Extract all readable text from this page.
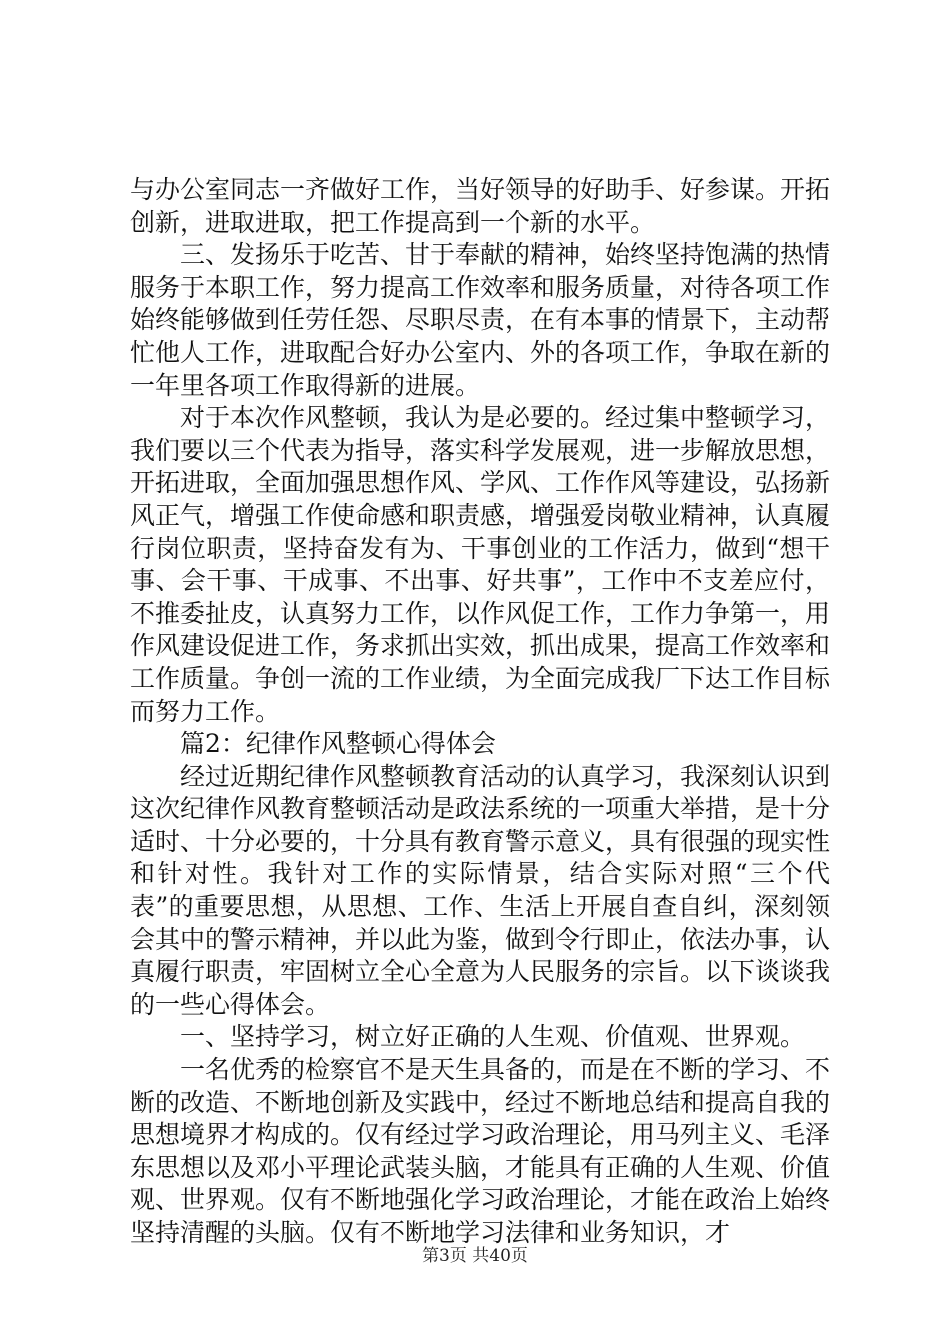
与办公室同志一齐做好工作，当好领导的好助手、好参谋。开拓创新，进取进取，把工作提高到一个新的水平。

三、发扬乐于吃苦、甘于奉献的精神，始终坚持饱满的热情服务于本职工作，努力提高工作效率和服务质量，对待各项工作始终能够做到任劳任怨、尽职尽责，在有本事的情景下，主动帮忙他人工作，进取配合好办公室内、外的各项工作，争取在新的一年里各项工作取得新的进展。

对于本次作风整顿，我认为是必要的。经过集中整顿学习，我们要以三个代表为指导，落实科学发展观，进一步解放思想，开拓进取，全面加强思想作风、学风、工作作风等建设，弘扬新风正气，增强工作使命感和职责感，增强爱岗敬业精神，认真履行岗位职责，坚持奋发有为、干事创业的工作活力，做到“想干事、会干事、干成事、不出事、好共事”，工作中不支差应付，不推委扯皮，认真努力工作，以作风促工作，工作力争第一，用作风建设促进工作，务求抓出实效，抓出成果，提高工作效率和工作质量。争创一流的工作业绩，为全面完成我厂下达工作目标而努力工作。

篇2：纪律作风整顿心得体会

经过近期纪律作风整顿教育活动的认真学习，我深刻认识到这次纪律作风教育整顿活动是政法系统的一项重大举措，是十分适时、十分必要的，十分具有教育警示意义，具有很强的现实性和针对性。我针对工作的实际情景，结合实际对照“三个代表”的重要思想，从思想、工作、生活上开展自查自纠，深刻领会其中的警示精神，并以此为鉴，做到令行即止，依法办事，认真履行职责，牢固树立全心全意为人民服务的宗旨。以下谈谈我的一些心得体会。

一、坚持学习，树立好正确的人生观、价值观、世界观。

一名优秀的检察官不是天生具备的，而是在不断的学习、不断的改造、不断地创新及实践中，经过不断地总结和提高自我的思想境界才构成的。仅有经过学习政治理论，用马列主义、毛泽东思想以及邓小平理论武装头脑，才能具有正确的人生观、价值观、世界观。仅有不断地强化学习政治理论，才能在政治上始终坚持清醒的头脑。仅有不断地学习法律和业务知识，才

第3页 共40页
